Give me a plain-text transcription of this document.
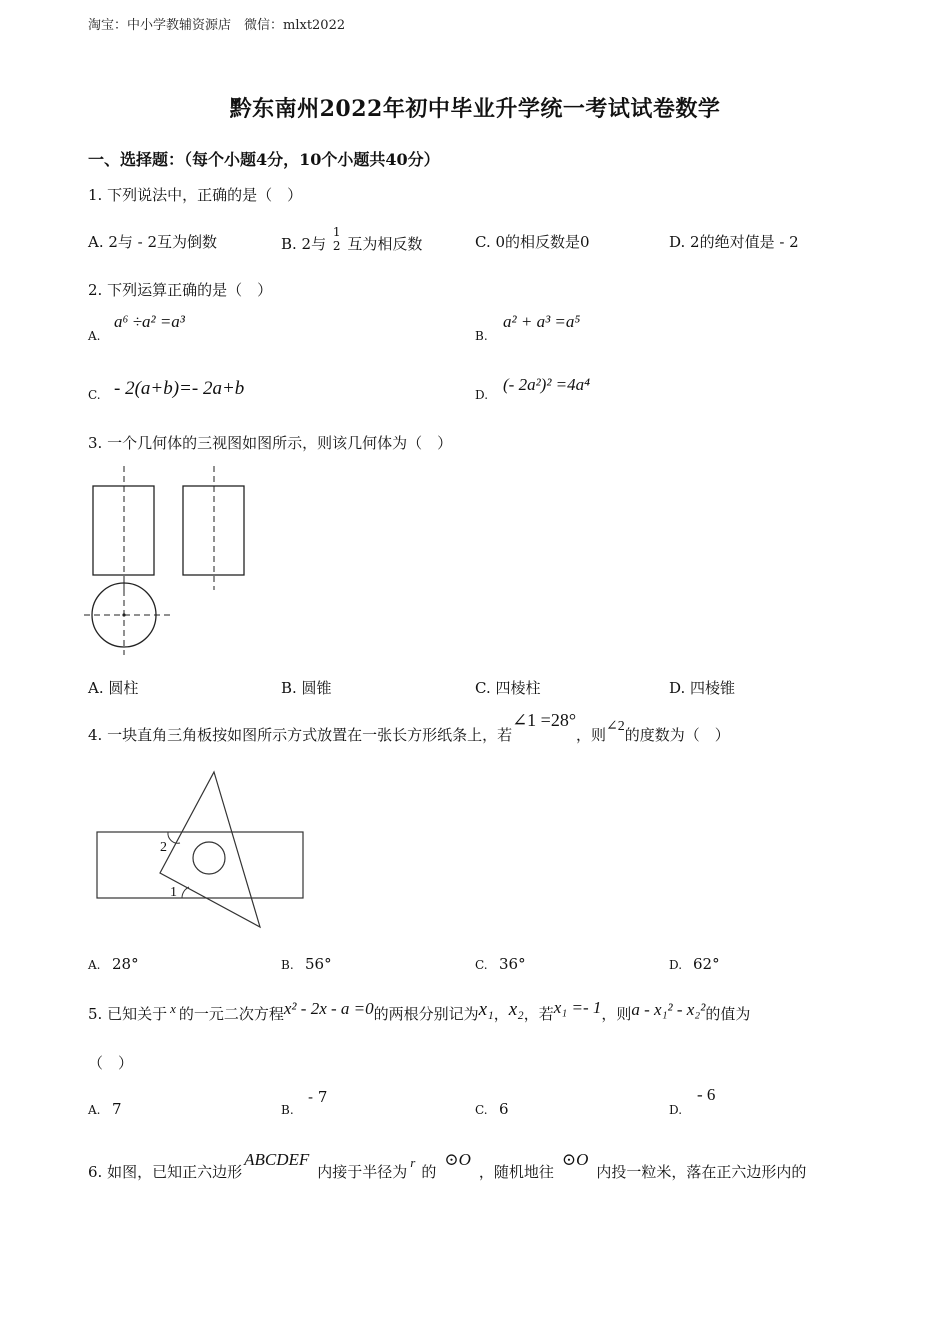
淘宝：中小学教辅资源店　微信：mlxt2022
黔东南州2022年初中毕业升学统一考试试卷数学
一、选择题：（每个小题4分，10个小题共40分）
1. 下列说法中，正确的是（　）
A. 2与 - 2互为倒数	B. 2与
1
2 互为相反数	C. 0的相反数是0	D. 2的绝对值是 - 2
2. 下列运算正确的是（　）
A.
a⁶ ÷a² =a³
B.
a² + a³ =a⁵
C. - 2(a+b)=- 2a+b	D.
(- 2a²)² =4a⁴
3. 一个几何体的三视图如图所示，则该几何体为（　）
A. 圆柱	B. 圆锥	C. 四棱柱	D. 四棱锥
4. 一块直角三角板按如图所示方式放置在一张长方形纸条上，若∠1 =28°，则∠2的度数为（　）
2
1
A. 28°	B. 56°	C. 36°	D. 62°
5. 已知关于 x 的一元二次方程x² - 2x - a =0的两根分别记为x₁，x₂，若x₁ =- 1，则a - x₁² - x₂²的值为
（　）
A. 7	B.
- 7
C. 6	D.
- 6
6. 如图，已知正六边形ABCDEF内接于半径为r的⊙O，随机地往⊙O内投一粒米，落在正六边形内的
